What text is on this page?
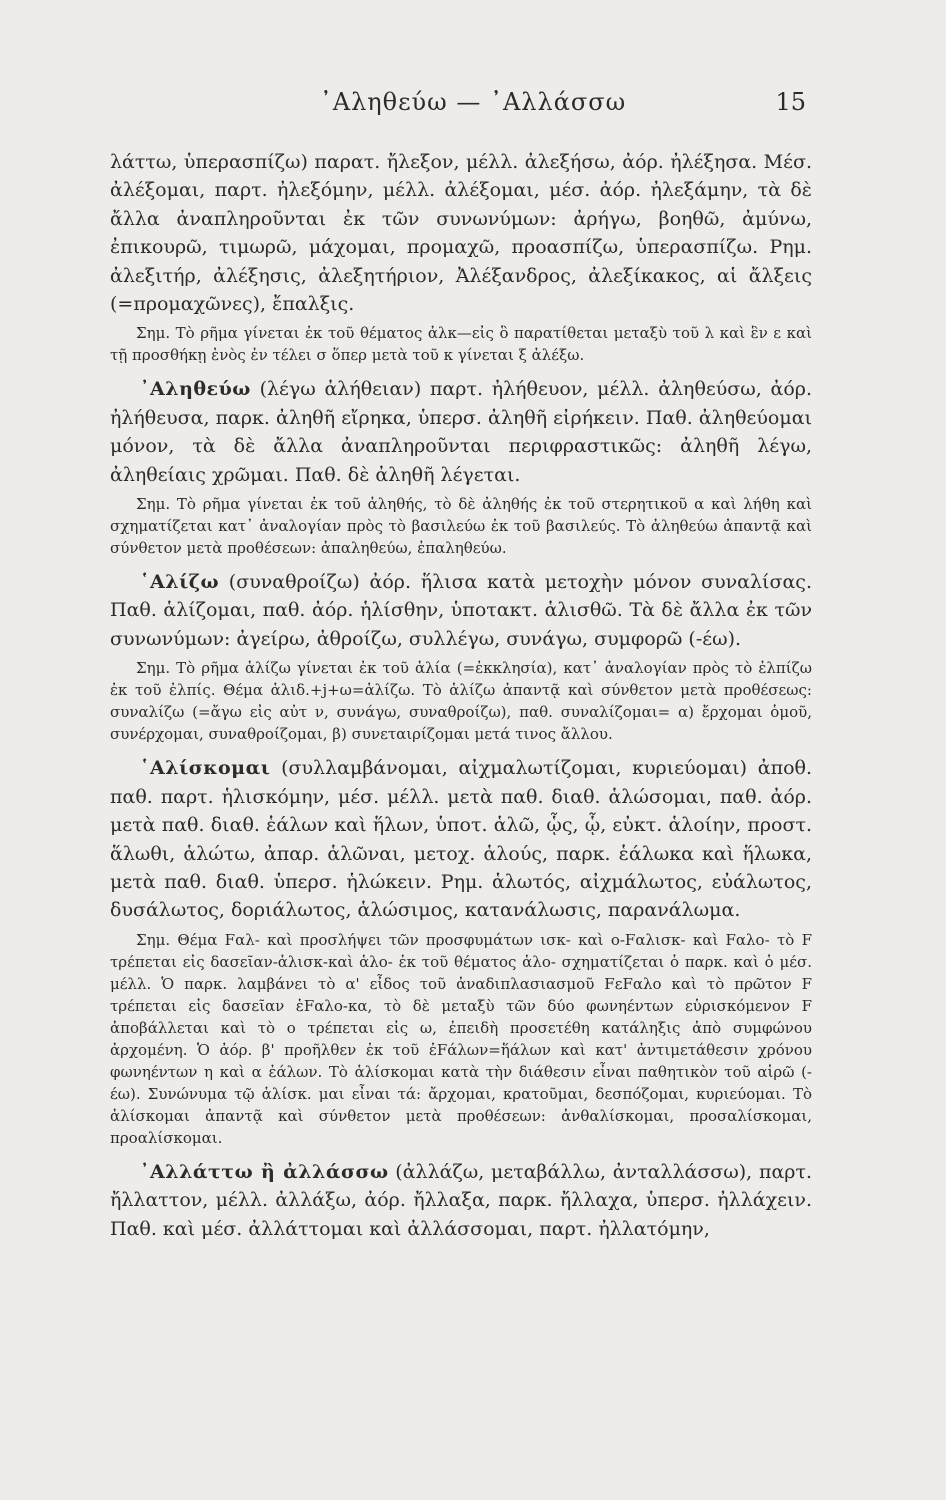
᾿Αληθεύω — ᾿Αλλάσσω	15

λάττω, ὑπερασπίζω) παρατ. ἤλεξον, μέλλ. ἀλεξήσω, ἀόρ. ἠλέξησα. Μέσ. ἀλέξομαι, παρτ. ἠλεξόμην, μέλλ. ἀλέξομαι, μέσ. ἀόρ. ἠλεξάμην, τὰ δὲ ἄλλα ἀναπληροῦνται ἐκ τῶν συνωνύμων: ἀρήγω, βοηθῶ, ἀμύνω, ἐπικουρῶ, τιμωρῶ, μάχομαι, προμαχῶ, προασπίζω, ὑπερασπίζω. Ρημ. ἀλεξιτήρ, ἀλέξησις, ἀλεξητήριον, Ἀλέξανδρος, ἀλεξίκακος, αἱ ἄλξεις (=προμαχῶνες), ἔπαλξις.

Σημ. Τὸ ρῆμα γίνεται ἐκ τοῦ θέματος ἀλκ—εἰς ὃ παρατίθεται μεταξὺ τοῦ λ καὶ ἓν ε καὶ τῇ προσθήκῃ ἑνὸς ἐν τέλει σ ὅπερ μετὰ τοῦ κ γίνεται ξ ἀλέξω.

᾿Αληθεύω (λέγω ἀλήθειαν) παρτ. ἠλήθευον, μέλλ. ἀληθεύσω, ἀόρ. ἠλήθευσα, παρκ. ἀληθῆ εἴρηκα, ὑπερσ. ἀληθῆ εἰρήκειν. Παθ. ἀληθεύομαι μόνον, τὰ δὲ ἄλλα ἀναπληροῦνται περιφραστικῶς: ἀληθῆ λέγω, ἀληθείαις χρῶμαι. Παθ. δὲ ἀληθῆ λέγεται.

Σημ. Τὸ ρῆμα γίνεται ἐκ τοῦ ἀληθής, τὸ δὲ ἀληθής ἐκ τοῦ στερητικοῦ α καὶ λήθη καὶ σχηματίζεται κατ᾿ ἀναλογίαν πρὸς τὸ βασιλεύω ἐκ τοῦ βασιλεύς. Τὸ ἀληθεύω ἀπαντᾷ καὶ σύνθετον μετὰ προθέσεων: ἀπαληθεύω, ἐπαληθεύω.

῾Αλίζω (συναθροίζω) ἀόρ. ἥλισα κατὰ μετοχὴν μόνον συναλίσας. Παθ. ἁλίζομαι, παθ. ἀόρ. ἡλίσθην, ὑποτακτ. ἁλισθῶ. Τὰ δὲ ἄλλα ἐκ τῶν συνωνύμων: ἀγείρω, ἀθροίζω, συλλέγω, συνάγω, συμφορῶ (-έω).

Σημ. Τὸ ρῆμα ἁλίζω γίνεται ἐκ τοῦ ἁλία (=ἐκκλησία), κατ᾿ ἀναλογίαν πρὸς τὸ ἐλπίζω ἐκ τοῦ ἐλπίς. Θέμα ἁλιδ.+j+ω=ἁλίζω. Τὸ ἁλίζω ἀπαντᾷ καὶ σύνθετον μετὰ προθέσεως: συναλίζω (=ἄγω εἰς αὐτ ν, συνάγω, συναθροίζω), παθ. συναλίζομαι= α) ἔρχομαι ὁμοῦ, συνέρχομαι, συναθροίζομαι, β) συνεταιρίζομαι μετά τινος ἄλλου.

῾Αλίσκομαι (συλλαμβάνομαι, αἰχμαλωτίζομαι, κυριεύομαι) ἀποθ. παθ. παρτ. ἡλισκόμην, μέσ. μέλλ. μετὰ παθ. διαθ. ἁλώσομαι, παθ. ἀόρ. μετὰ παθ. διαθ. ἑάλων καὶ ἥλων, ὑποτ. ἁλῶ, ᾧς, ᾧ, εὐκτ. ἁλοίην, προστ. ἅλωθι, ἁλώτω, ἀπαρ. ἁλῶναι, μετοχ. ἁλούς, παρκ. ἑάλωκα καὶ ἥλωκα, μετὰ παθ. διαθ. ὑπερσ. ἡλώκειν. Ρημ. ἁλωτός, αἰχμάλωτος, εὐάλωτος, δυσάλωτος, δοριάλωτος, ἁλώσιμος, κατανάλωσις, παρανάλωμα.

Σημ. Θέμα Fαλ- καὶ προσλήψει τῶν προσφυμάτων ισκ- καὶ ο-Fαλισκ- καὶ Fαλο- τὸ F τρέπεται εἰς δασεῖαν-ἁλισκ-καὶ ἁλο- ἐκ τοῦ θέματος ἁλο- σχηματίζεται ὁ παρκ. καὶ ὁ μέσ. μέλλ. Ὁ παρκ. λαμβάνει τὸ α' εἶδος τοῦ ἀναδιπλασιασμοῦ FεFαλο καὶ τὸ πρῶτον F τρέπεται εἰς δασεῖαν ἑFαλο-κα, τὸ δὲ μεταξὺ τῶν δύο φωνηέντων εὑρισκόμενον F ἀποβάλλεται καὶ τὸ ο τρέπεται εἰς ω, ἐπειδὴ προσετέθη κατάληξις ἀπὸ συμφώνου ἀρχομένη. Ὁ ἀόρ. β' προῆλθεν ἐκ τοῦ ἐFάλων=ἥάλων καὶ κατ' ἀντιμετάθεσιν χρόνου φωνηέντων η καὶ α ἑάλων. Τὸ ἁλίσκομαι κατὰ τὴν διάθεσιν εἶναι παθητικὸν τοῦ αἱρῶ (-έω). Συνώνυμα τῷ ἁλίσκ. μαι εἶναι τά: ἄρχομαι, κρατοῦμαι, δεσπόζομαι, κυριεύομαι. Τὸ ἁλίσκομαι ἀπαντᾷ καὶ σύνθετον μετὰ προθέσεων: ἀνθαλίσκομαι, προσαλίσκομαι, προαλίσκομαι.

᾿Αλλάττω ἢ ἀλλάσσω (ἀλλάζω, μεταβάλλω, ἀνταλλάσσω), παρτ. ἤλλαττον, μέλλ. ἀλλάξω, ἀόρ. ἤλλαξα, παρκ. ἤλλαχα, ὑπερσ. ἠλλάχειν. Παθ. καὶ μέσ. ἀλλάττομαι καὶ ἀλλάσσομαι, παρτ. ἠλλατόμην,
